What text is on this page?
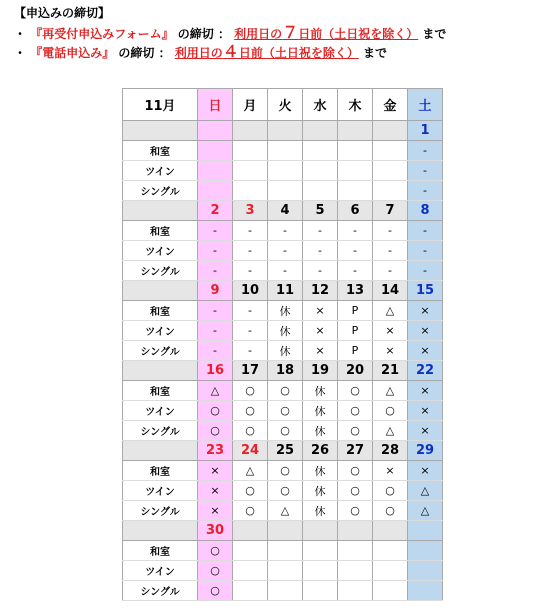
【申込みの締切】
・ 『再受付申込みフォーム』 の締切 ： 利用日の７日前（土日祝を除く） まで
・ 『電話申込み』 の締切 ： 利用日の４日前（土日祝を除く） まで
11月	日	月	火	水	木	金	土
							1
和室							-
ツイン							-
シングル							-
	2	3	4	5	6	7	8
和室	-	-	-	-	-	-	-
ツイン	-	-	-	-	-	-	-
シングル	-	-	-	-	-	-	-
	9	10	11	12	13	14	15
和室	-	-	休	×	P	△	×
ツイン	-	-	休	×	P	×	×
シングル	-	-	休	×	P	×	×
	16	17	18	19	20	21	22
和室	△	○	○	休	○	△	×
ツイン	○	○	○	休	○	○	×
シングル	○	○	○	休	○	△	×
	23	24	25	26	27	28	29
和室	×	△	○	休	○	×	×
ツイン	×	○	○	休	○	○	△
シングル	×	○	△	休	○	○	△
	30						
和室	○						
ツイン	○						
シングル	○						
